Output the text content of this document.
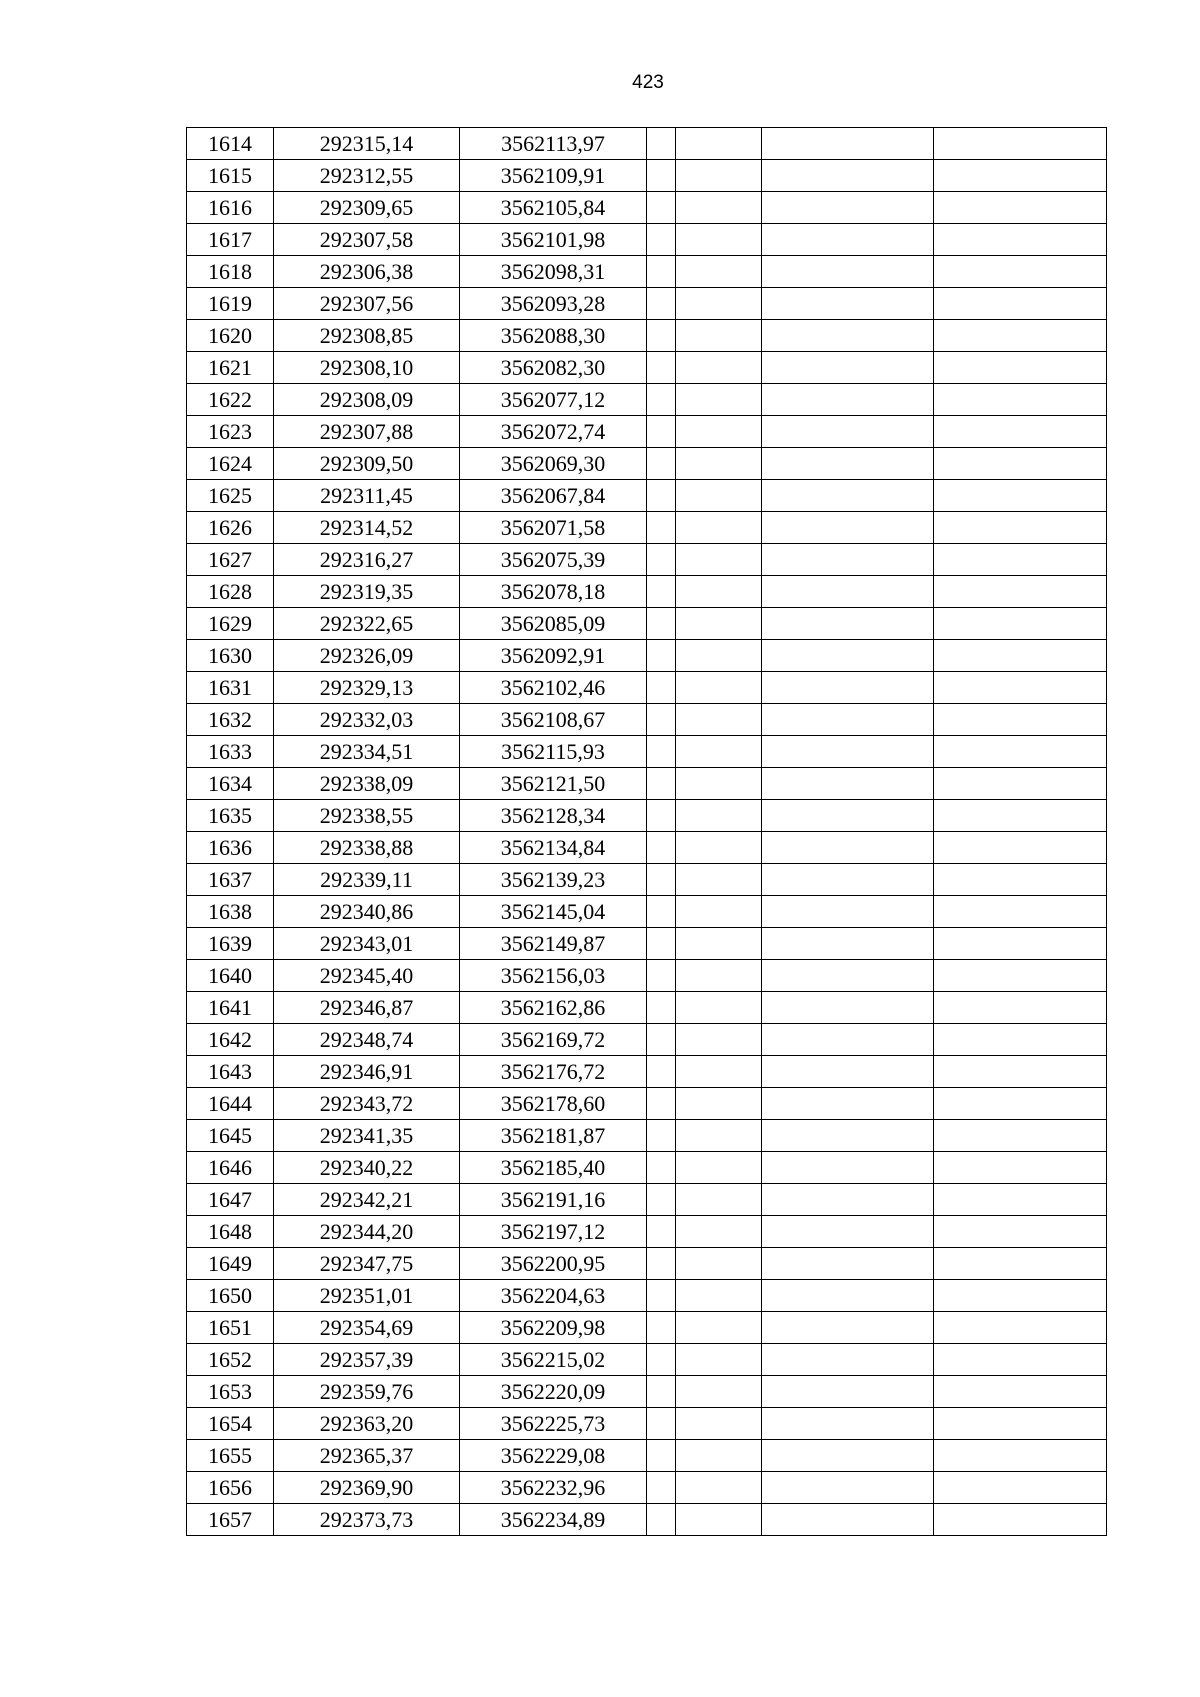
423
1614	292315,14	3562113,97				
1615	292312,55	3562109,91				
1616	292309,65	3562105,84				
1617	292307,58	3562101,98				
1618	292306,38	3562098,31				
1619	292307,56	3562093,28				
1620	292308,85	3562088,30				
1621	292308,10	3562082,30				
1622	292308,09	3562077,12				
1623	292307,88	3562072,74				
1624	292309,50	3562069,30				
1625	292311,45	3562067,84				
1626	292314,52	3562071,58				
1627	292316,27	3562075,39				
1628	292319,35	3562078,18				
1629	292322,65	3562085,09				
1630	292326,09	3562092,91				
1631	292329,13	3562102,46				
1632	292332,03	3562108,67				
1633	292334,51	3562115,93				
1634	292338,09	3562121,50				
1635	292338,55	3562128,34				
1636	292338,88	3562134,84				
1637	292339,11	3562139,23				
1638	292340,86	3562145,04				
1639	292343,01	3562149,87				
1640	292345,40	3562156,03				
1641	292346,87	3562162,86				
1642	292348,74	3562169,72				
1643	292346,91	3562176,72				
1644	292343,72	3562178,60				
1645	292341,35	3562181,87				
1646	292340,22	3562185,40				
1647	292342,21	3562191,16				
1648	292344,20	3562197,12				
1649	292347,75	3562200,95				
1650	292351,01	3562204,63				
1651	292354,69	3562209,98				
1652	292357,39	3562215,02				
1653	292359,76	3562220,09				
1654	292363,20	3562225,73				
1655	292365,37	3562229,08				
1656	292369,90	3562232,96				
1657	292373,73	3562234,89				
